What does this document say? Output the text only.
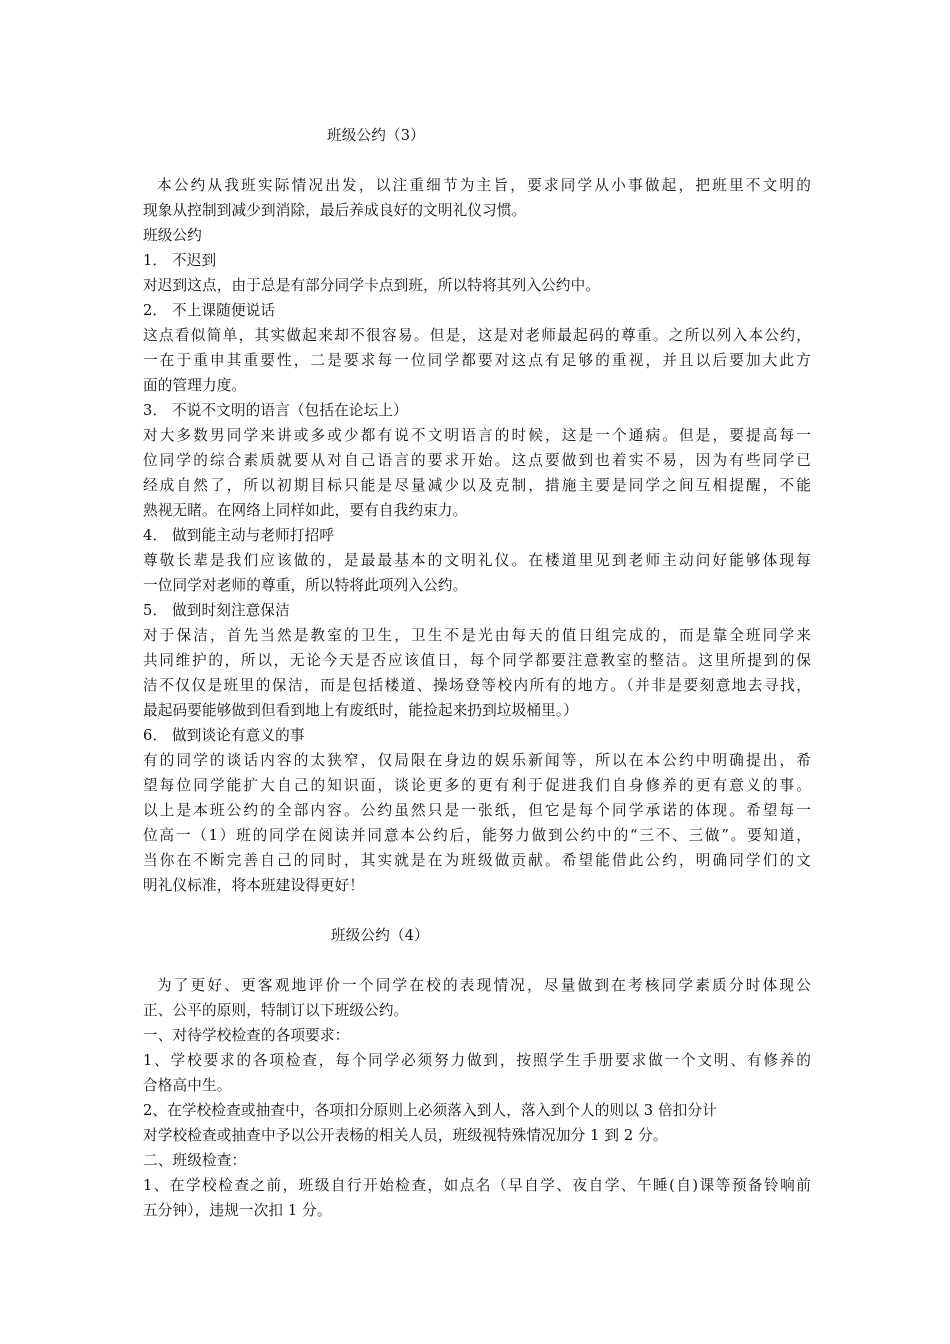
班级公约（3）
本公约从我班实际情况出发，以注重细节为主旨，要求同学从小事做起，把班里不文明的
现象从控制到减少到消除，最后养成良好的文明礼仪习惯。
班级公约
1． 不迟到
对迟到这点，由于总是有部分同学卡点到班，所以特将其列入公约中。
2． 不上课随便说话
这点看似简单，其实做起来却不很容易。但是，这是对老师最起码的尊重。之所以列入本公约，
一在于重申其重要性，二是要求每一位同学都要对这点有足够的重视，并且以后要加大此方
面的管理力度。
3． 不说不文明的语言（包括在论坛上）
对大多数男同学来讲或多或少都有说不文明语言的时候，这是一个通病。但是，要提高每一
位同学的综合素质就要从对自己语言的要求开始。这点要做到也着实不易，因为有些同学已
经成自然了，所以初期目标只能是尽量减少以及克制，措施主要是同学之间互相提醒，不能
熟视无睹。在网络上同样如此，要有自我约束力。
4． 做到能主动与老师打招呼
尊敬长辈是我们应该做的，是最最基本的文明礼仪。在楼道里见到老师主动问好能够体现每
一位同学对老师的尊重，所以特将此项列入公约。
5． 做到时刻注意保洁
对于保洁，首先当然是教室的卫生，卫生不是光由每天的值日组完成的，而是靠全班同学来
共同维护的，所以，无论今天是否应该值日，每个同学都要注意教室的整洁。这里所提到的保
洁不仅仅是班里的保洁，而是包括楼道、操场登等校内所有的地方。（并非是要刻意地去寻找，
最起码要能够做到但看到地上有废纸时，能捡起来扔到垃圾桶里。）
6． 做到谈论有意义的事
有的同学的谈话内容的太狭窄，仅局限在身边的娱乐新闻等，所以在本公约中明确提出，希
望每位同学能扩大自己的知识面，谈论更多的更有利于促进我们自身修养的更有意义的事。
以上是本班公约的全部内容。公约虽然只是一张纸，但它是每个同学承诺的体现。希望每一
位高一（1）班的同学在阅读并同意本公约后，能努力做到公约中的“三不、三做”。要知道，
当你在不断完善自己的同时，其实就是在为班级做贡献。希望能借此公约，明确同学们的文
明礼仪标准，将本班建设得更好！
班级公约（4）
为了更好、更客观地评价一个同学在校的表现情况，尽量做到在考核同学素质分时体现公
正、公平的原则，特制订以下班级公约。
一、对待学校检查的各项要求：
1、学校要求的各项检查，每个同学必须努力做到，按照学生手册要求做一个文明、有修养的
合格高中生。
2、在学校检查或抽查中，各项扣分原则上必须落入到人，落入到个人的则以 3 倍扣分计
对学校检查或抽查中予以公开表杨的相关人员，班级视特殊情况加分 1 到 2 分。
二、班级检查：
1、在学校检查之前，班级自行开始检查，如点名（早自学、夜自学、午睡(自)课等预备铃响前
五分钟），违规一次扣 1 分。
